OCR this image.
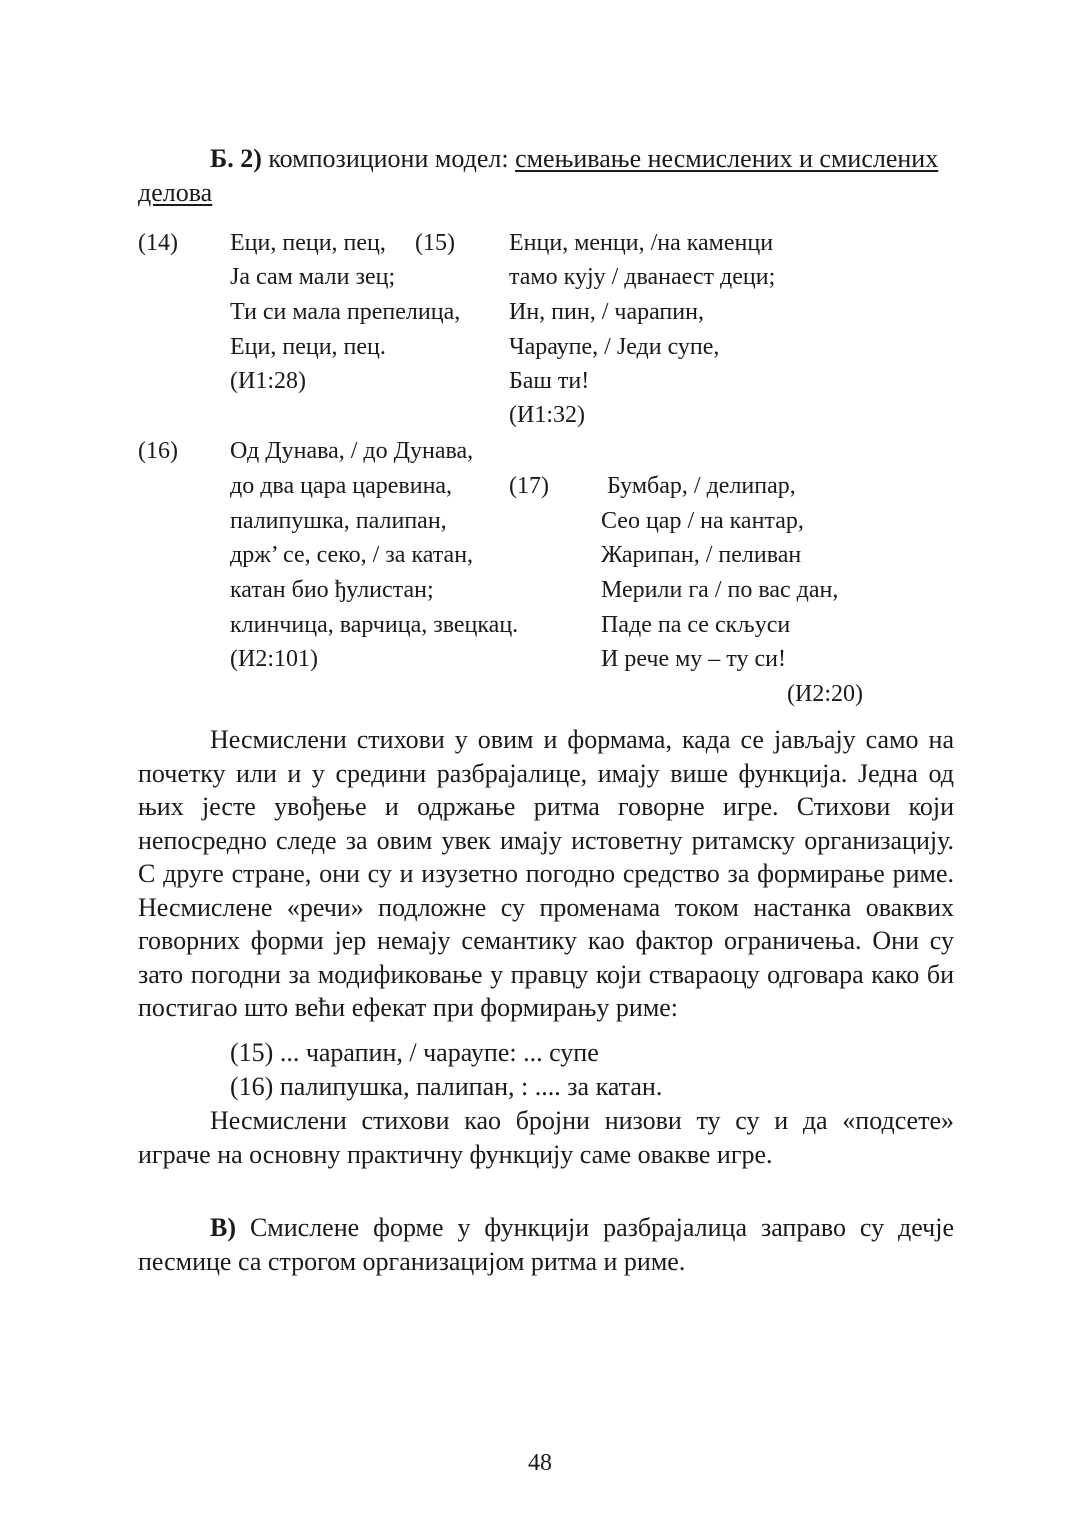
Б. 2) композициони модел: смењивање несмислених и смислених
делова
(14) Еци, пеци, пец,
Ја сам мали зец;
Ти си мала препелица,
Еци, пеци, пец.
(И1:28)
(15) Енци, менци, /на каменци
тамо кују / дванаест деци;
Ин, пин, / чарапин,
Чараупе, / Једи супе,
Баш ти!
(И1:32)
(16) Од Дунава, / до Дунава,
до два цара царевина,
палипушка, палипан,
држ’ се, секо, / за катан,
катан био ђулистан;
клинчица, варчица, звецкац.
(И2:101)
(17) Бумбар, / делипар,
Сео цар / на кантар,
Жарипан, / пеливан
Мерили га / по вас дан,
Паде па се скљуси
И рече му – ту си!
(И2:20)
Несмислени стихови у овим и формама, када се јављају само на почетку или и у средини разбрајалице, имају више функција. Једна од њих јесте увођење и одржање ритма говорне игре. Стихови који непосредно следе за овим увек имају истоветну ритамску организацију. С друге стране, они су и изузетно погодно средство за формирање риме. Несмислене «речи» подложне су променама током настанка оваквих говорних форми јер немају семантику као фактор ограничења. Они су зато погодни за модификовање у правцу који ствараоцу одговара како би постигао што већи ефекат при формирању риме:
(15) ... чарапин, / чараупе: ... супе
(16) палипушка, палипан, : .... за катан.
Несмислени стихови као бројни низови ту су и да «подсете» играче на основну практичну функцију саме овакве игре.
В) Смислене форме у функцији разбрајалица заправо су дечје песмице са строгом организацијом ритма и риме.
48
